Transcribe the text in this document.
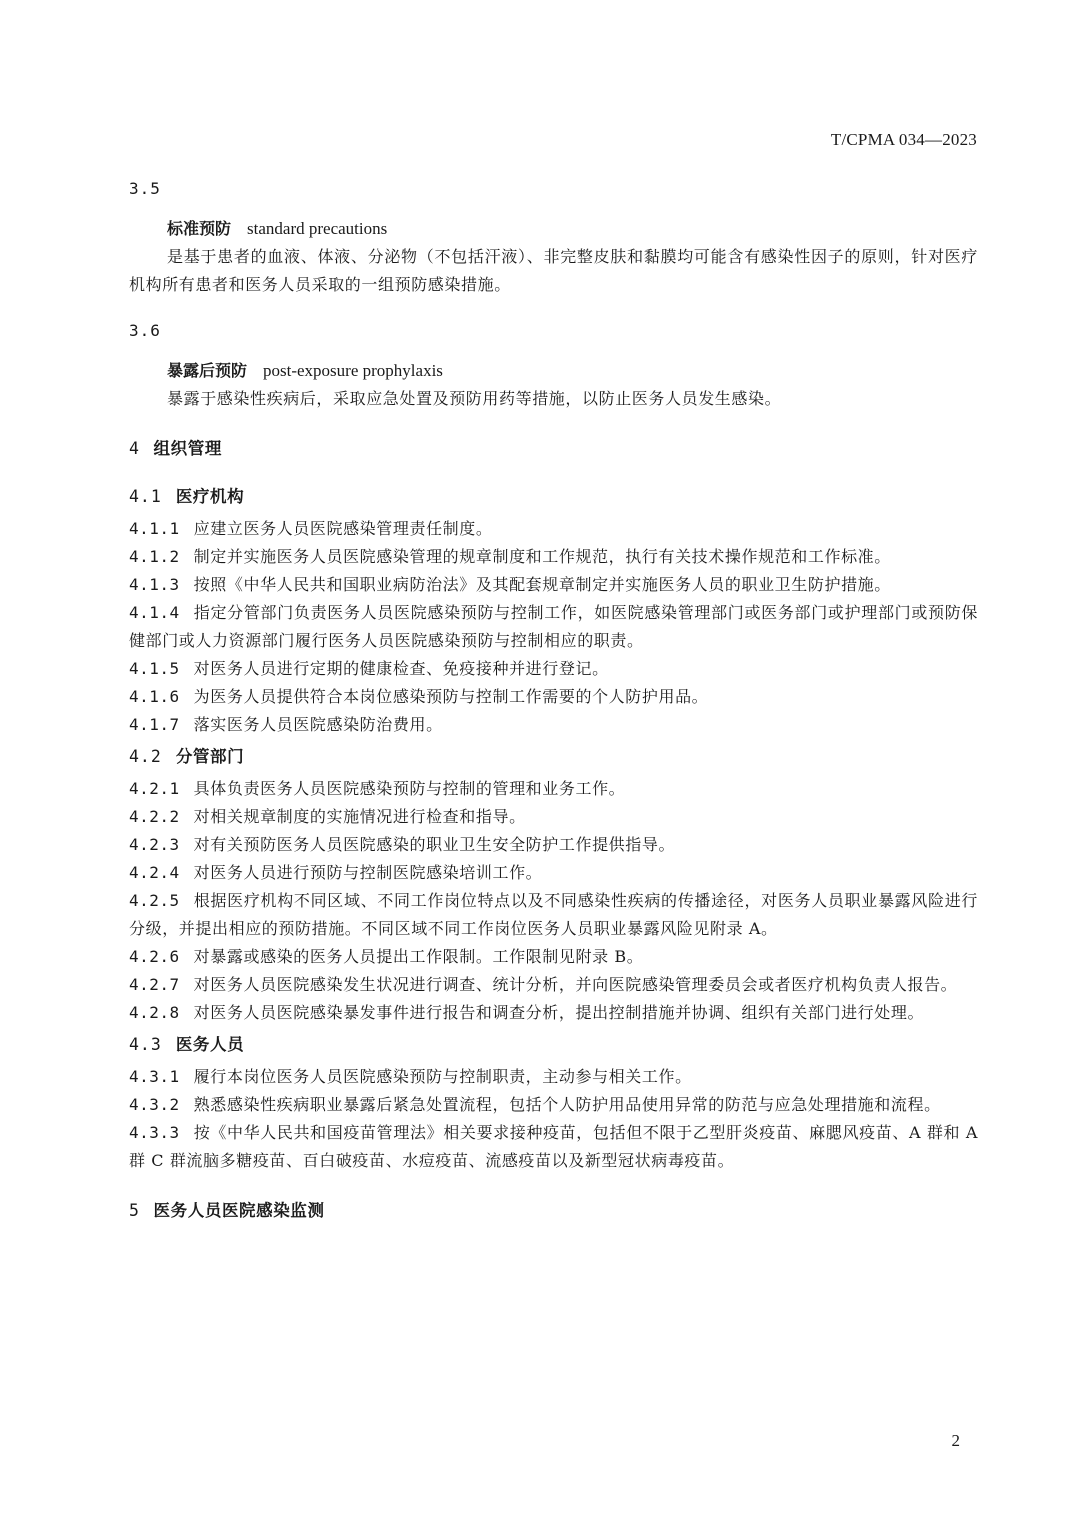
T/CPMA 034—2023
3.5
标准预防 standard precautions
是基于患者的血液、体液、分泌物（不包括汗液）、非完整皮肤和黏膜均可能含有感染性因子的原则，针对医疗机构所有患者和医务人员采取的一组预防感染措施。
3.6
暴露后预防 post-exposure prophylaxis
暴露于感染性疾病后，采取应急处置及预防用药等措施，以防止医务人员发生感染。
4 组织管理
4.1 医疗机构
4.1.1 应建立医务人员医院感染管理责任制度。
4.1.2 制定并实施医务人员医院感染管理的规章制度和工作规范，执行有关技术操作规范和工作标准。
4.1.3 按照《中华人民共和国职业病防治法》及其配套规章制定并实施医务人员的职业卫生防护措施。
4.1.4 指定分管部门负责医务人员医院感染预防与控制工作，如医院感染管理部门或医务部门或护理部门或预防保健部门或人力资源部门履行医务人员医院感染预防与控制相应的职责。
4.1.5 对医务人员进行定期的健康检查、免疫接种并进行登记。
4.1.6 为医务人员提供符合本岗位感染预防与控制工作需要的个人防护用品。
4.1.7 落实医务人员医院感染防治费用。
4.2 分管部门
4.2.1 具体负责医务人员医院感染预防与控制的管理和业务工作。
4.2.2 对相关规章制度的实施情况进行检查和指导。
4.2.3 对有关预防医务人员医院感染的职业卫生安全防护工作提供指导。
4.2.4 对医务人员进行预防与控制医院感染培训工作。
4.2.5 根据医疗机构不同区域、不同工作岗位特点以及不同感染性疾病的传播途径，对医务人员职业暴露风险进行分级，并提出相应的预防措施。不同区域不同工作岗位医务人员职业暴露风险见附录 A。
4.2.6 对暴露或感染的医务人员提出工作限制。工作限制见附录 B。
4.2.7 对医务人员医院感染发生状况进行调查、统计分析，并向医院感染管理委员会或者医疗机构负责人报告。
4.2.8 对医务人员医院感染暴发事件进行报告和调查分析，提出控制措施并协调、组织有关部门进行处理。
4.3 医务人员
4.3.1 履行本岗位医务人员医院感染预防与控制职责，主动参与相关工作。
4.3.2 熟悉感染性疾病职业暴露后紧急处置流程，包括个人防护用品使用异常的防范与应急处理措施和流程。
4.3.3 按《中华人民共和国疫苗管理法》相关要求接种疫苗，包括但不限于乙型肝炎疫苗、麻腮风疫苗、A 群和 A 群 C 群流脑多糖疫苗、百白破疫苗、水痘疫苗、流感疫苗以及新型冠状病毒疫苗。
5 医务人员医院感染监测
2
